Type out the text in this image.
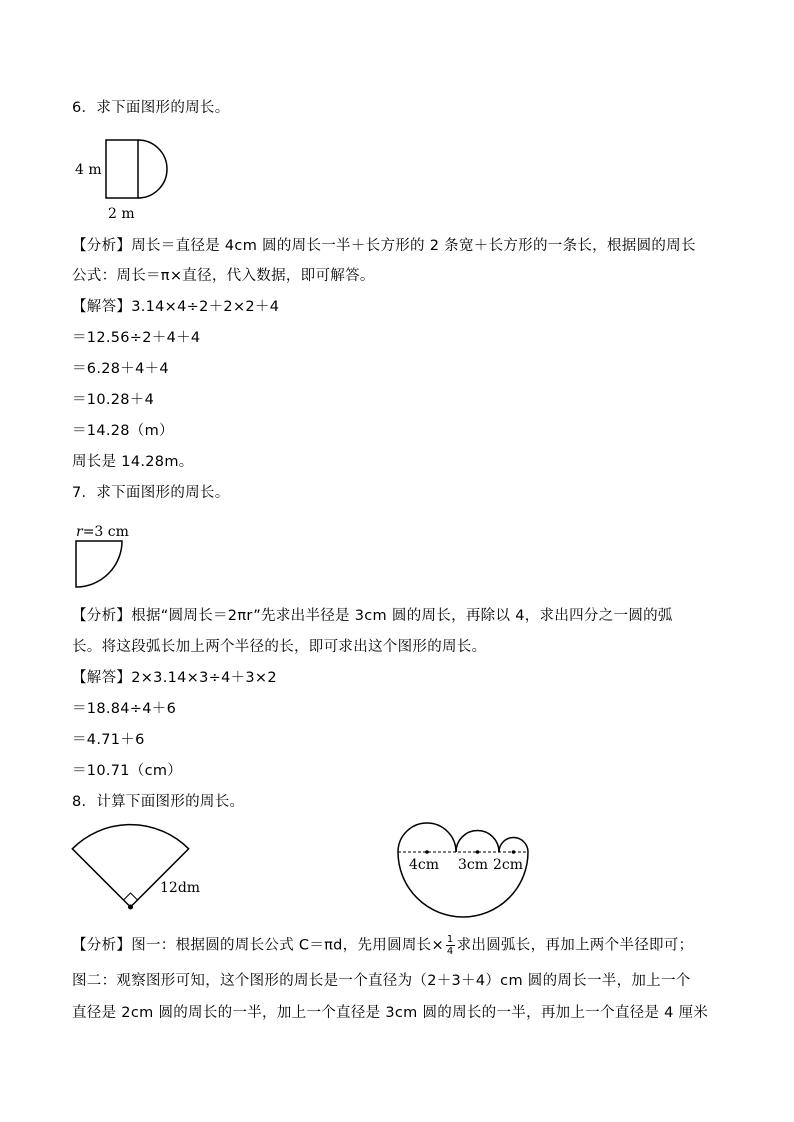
6．求下面图形的周长。
4 m
2 m
【分析】周长＝直径是 4cm 圆的周长一半＋长方形的 2 条宽＋长方形的一条长，根据圆的周长
公式：周长＝π×直径，代入数据，即可解答。
【解答】3.14×4÷2＋2×2＋4
＝12.56÷2＋4＋4
＝6.28＋4＋4
＝10.28＋4
＝14.28（m）
周长是 14.28m。
7．求下面图形的周长。
r=3 cm
【分析】根据“圆周长＝2πr”先求出半径是 3cm 圆的周长，再除以 4，求出四分之一圆的弧
长。将这段弧长加上两个半径的长，即可求出这个图形的周长。
【解答】2×3.14×3÷4＋3×2
＝18.84÷4＋6
＝4.71＋6
＝10.71（cm）
8．计算下面图形的周长。
12dm
4cm 3cm 2cm
【分析】图一：根据圆的周长公式 C＝πd，先用圆周长× $\frac{1}{4}$ 求出圆弧长，再加上两个半径即可；
图二：观察图形可知，这个图形的周长是一个直径为（2＋3＋4）cm 圆的周长一半，加上一个
直径是 2cm 圆的周长的一半，加上一个直径是 3cm 圆的周长的一半，再加上一个直径是 4 厘米
